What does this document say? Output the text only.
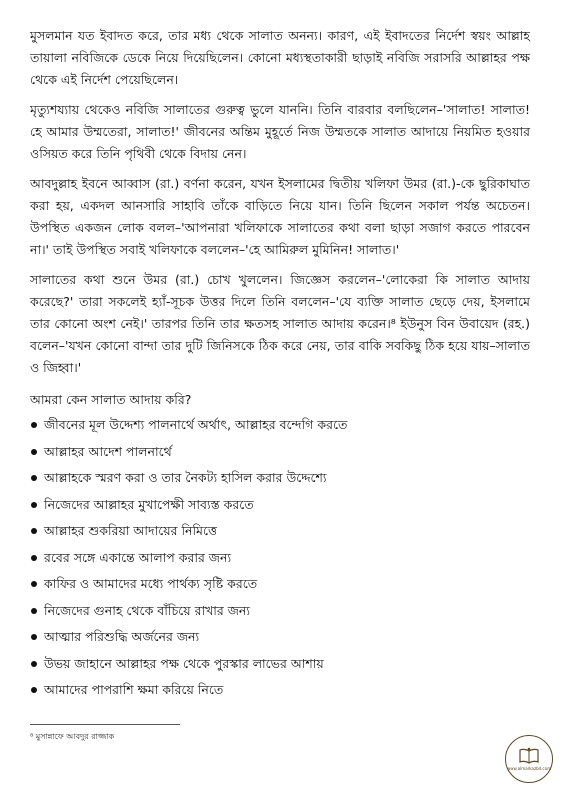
মুসলমান যত ইবাদত করে, তার মধ্য থেকে সালাত অনন্য। কারণ, এই ইবাদতের নির্দেশ স্বয়ং আল্লাহ তায়ালা নবিজিকে ডেকে নিয়ে দিয়েছিলেন। কোনো মধ্যস্থতাকারী ছাড়াই নবিজি সরাসরি আল্লাহর পক্ষ থেকে এই নির্দেশ পেয়েছিলেন।

মৃত্যুশয্যায় থেকেও নবিজি সালাতের গুরুত্ব ভুলে যাননি। তিনি বারবার বলছিলেন–'সালাত! সালাত! হে আমার উম্মতেরা, সালাত!' জীবনের অন্তিম মুহূর্তে নিজ উম্মতকে সালাত আদায়ে নিয়মিত হওয়ার ওসিয়ত করে তিনি পৃথিবী থেকে বিদায় নেন।

আবদুল্লাহ ইবনে আব্বাস (রা.) বর্ণনা করেন, যখন ইসলামের দ্বিতীয় খলিফা উমর (রা.)-কে ছুরিকাঘাত করা হয়, একদল আনসারি সাহাবি তাঁকে বাড়িতে নিয়ে যান। তিনি ছিলেন সকাল পর্যন্ত অচেতন। উপস্থিত একজন লোক বলল–'আপনারা খলিফাকে সালাতের কথা বলা ছাড়া সজাগ করতে পারবেন না।' তাই উপস্থিত সবাই খলিফাকে বললেন–'হে আমিরুল মুমিনিন! সালাত।'

সালাতের কথা শুনে উমর (রা.) চোখ খুললেন। জিজ্ঞেস করলেন–'লোকেরা কি সালাত আদায় করেছে?' তারা সকলেই হ্যাঁ-সূচক উত্তর দিলে তিনি বললেন–'যে ব্যক্তি সালাত ছেড়ে দেয়, ইসলামে তার কোনো অংশ নেই।' তারপর তিনি তার ক্ষতসহ সালাত আদায় করেন।⁸ ইউনুস বিন উবায়েদ (রহ.) বলেন–'যখন কোনো বান্দা তার দুটি জিনিসকে ঠিক করে নেয়, তার বাকি সবকিছু ঠিক হয়ে যায়–সালাত ও জিহ্বা।'

আমরা কেন সালাত আদায় করি?
জীবনের মূল উদ্দেশ্য পালনার্থে অর্থাৎ, আল্লাহর বন্দেগি করতে
আল্লাহর আদেশ পালনার্থে
আল্লাহকে স্মরণ করা ও তার নৈকট্য হাসিল করার উদ্দেশ্যে
নিজেদের আল্লাহর মুখাপেক্ষী সাব্যস্ত করতে
আল্লাহর শুকরিয়া আদায়ের নিমিত্তে
রবের সঙ্গে একান্তে আলাপ করার জন্য
কাফির ও আমাদের মধ্যে পার্থক্য সৃষ্টি করতে
নিজেদের গুনাহ থেকে বাঁচিয়ে রাখার জন্য
আত্মার পরিশুদ্ধি অর্জনের জন্য
উভয় জাহানে আল্লাহর পক্ষ থেকে পুরস্কার লাভের আশায়
আমাদের পাপরাশি ক্ষমা করিয়ে নিতে
⁸ মুসান্নাফে আবদুর রাজ্জাক
www.almarkazbd.com
